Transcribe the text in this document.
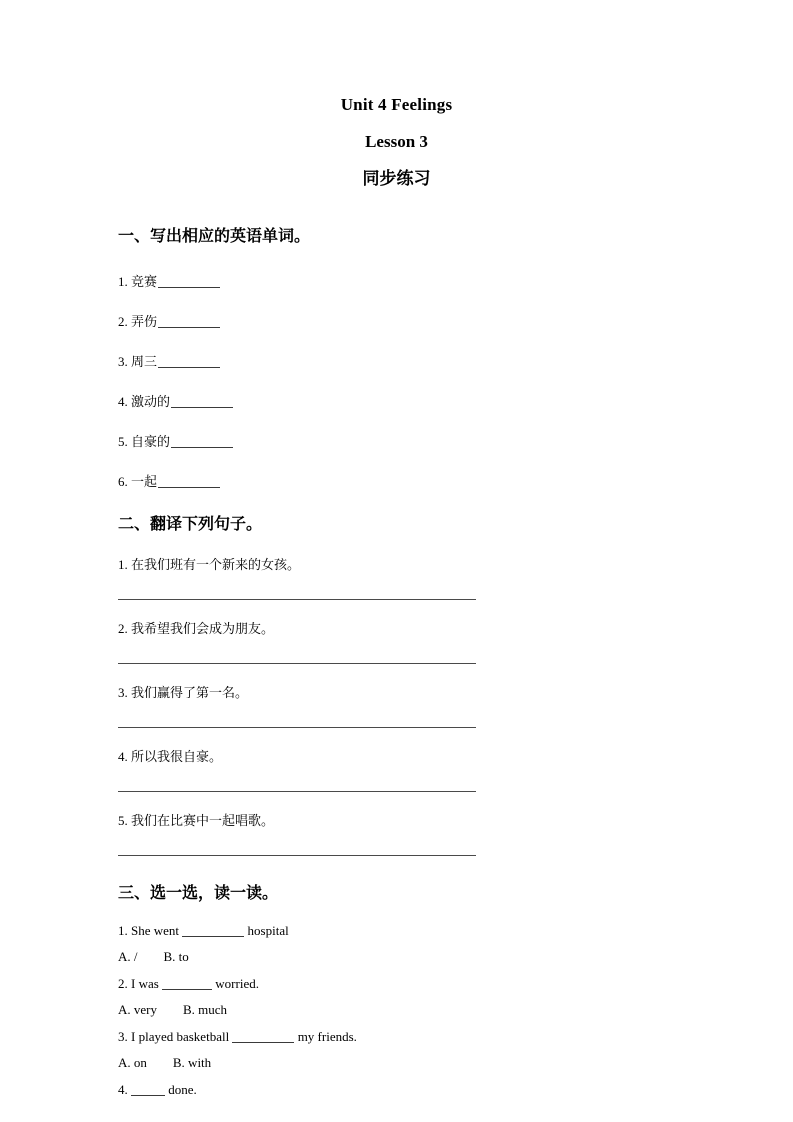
Unit 4 Feelings
Lesson 3
同步练习
一、写出相应的英语单词。
1. 竞赛
2. 弄伤
3. 周三
4. 激动的
5. 自豪的
6. 一起
二、翻译下列句子。
1. 在我们班有一个新来的女孩。
2. 我希望我们会成为朋友。
3. 我们赢得了第一名。
4. 所以我很自豪。
5. 我们在比赛中一起唱歌。
三、选一选，读一读。
1. She went	hospital
A. / B. to
2. I was	worried.
A. very B. much
3. I played basketball	my friends.
A. on B. with
4.	done.
